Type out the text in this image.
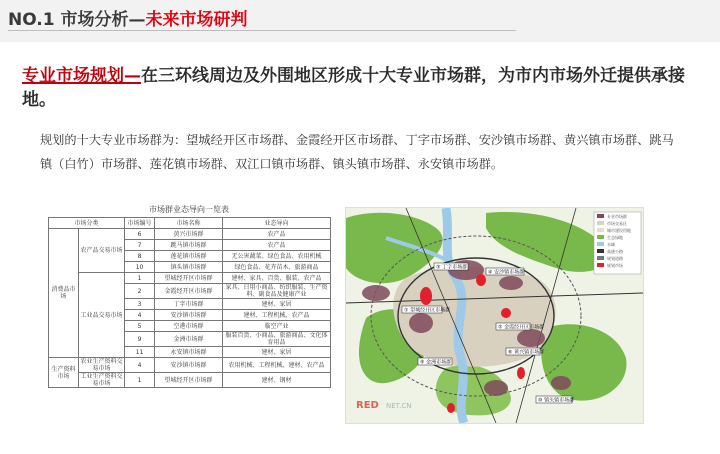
NO.1 市场分析—未来市场研判
专业市场规划—在三环线周边及外围地区形成十大专业市场群，为市内市场外迁提供承接地。
规划的十大专业市场群为：望城经开区市场群、金霞经开区市场群、丁字市场群、安沙镇市场群、黄兴镇市场群、跳马镇（白竹）市场群、莲花镇市场群、双江口镇市场群、镇头镇市场群、永安镇市场群。
市场群业态导向一览表
市场分类		市场编号	市场名称	业态导向
消费品市场	农产品交易市场	6	黄兴市场群	农产品
		7	跳马镇市场群	农产品
		8	莲花镇市场群	无公害蔬菜、绿色食品、农用机械
		10	镇头镇市场群	绿色食品、花卉苗木、旅游商品
	工业品交易市场	1	望城经开区市场群	建材、家具、百货、服装、农产品
		2	金霞经开区市场群	家具、日用小商品、纺织服装、生产资料、副食品及健康产业
		3	丁字市场群	建材、家居
		4	安沙镇市场群	建材、工程机械、农产品
		5	空港市场群	临空产业
		9	金洲市场群	服装百货、小商品、旅游商品、文化体育用品
		11	永安镇市场群	建材、家居
生产资料市场	农业生产资料交易市场	4	安沙镇市场群	农用机械、工程机械、建材、农产品
	工业生产资料交易市场	1	望城经开区市场群	建材、钢材
③ 丁字市场群
④ 安沙镇市场群
① 望城经开区市场群
② 金霞经开区市场群
⑨ 金洲市场群
⑥ 黄兴镇市场群
⑩ 镇头镇市场群
专业市场群
市场交易区
城市建设用地
生态绿地
水域
高速公路
规划道路
规划市场
RED NET.CN
